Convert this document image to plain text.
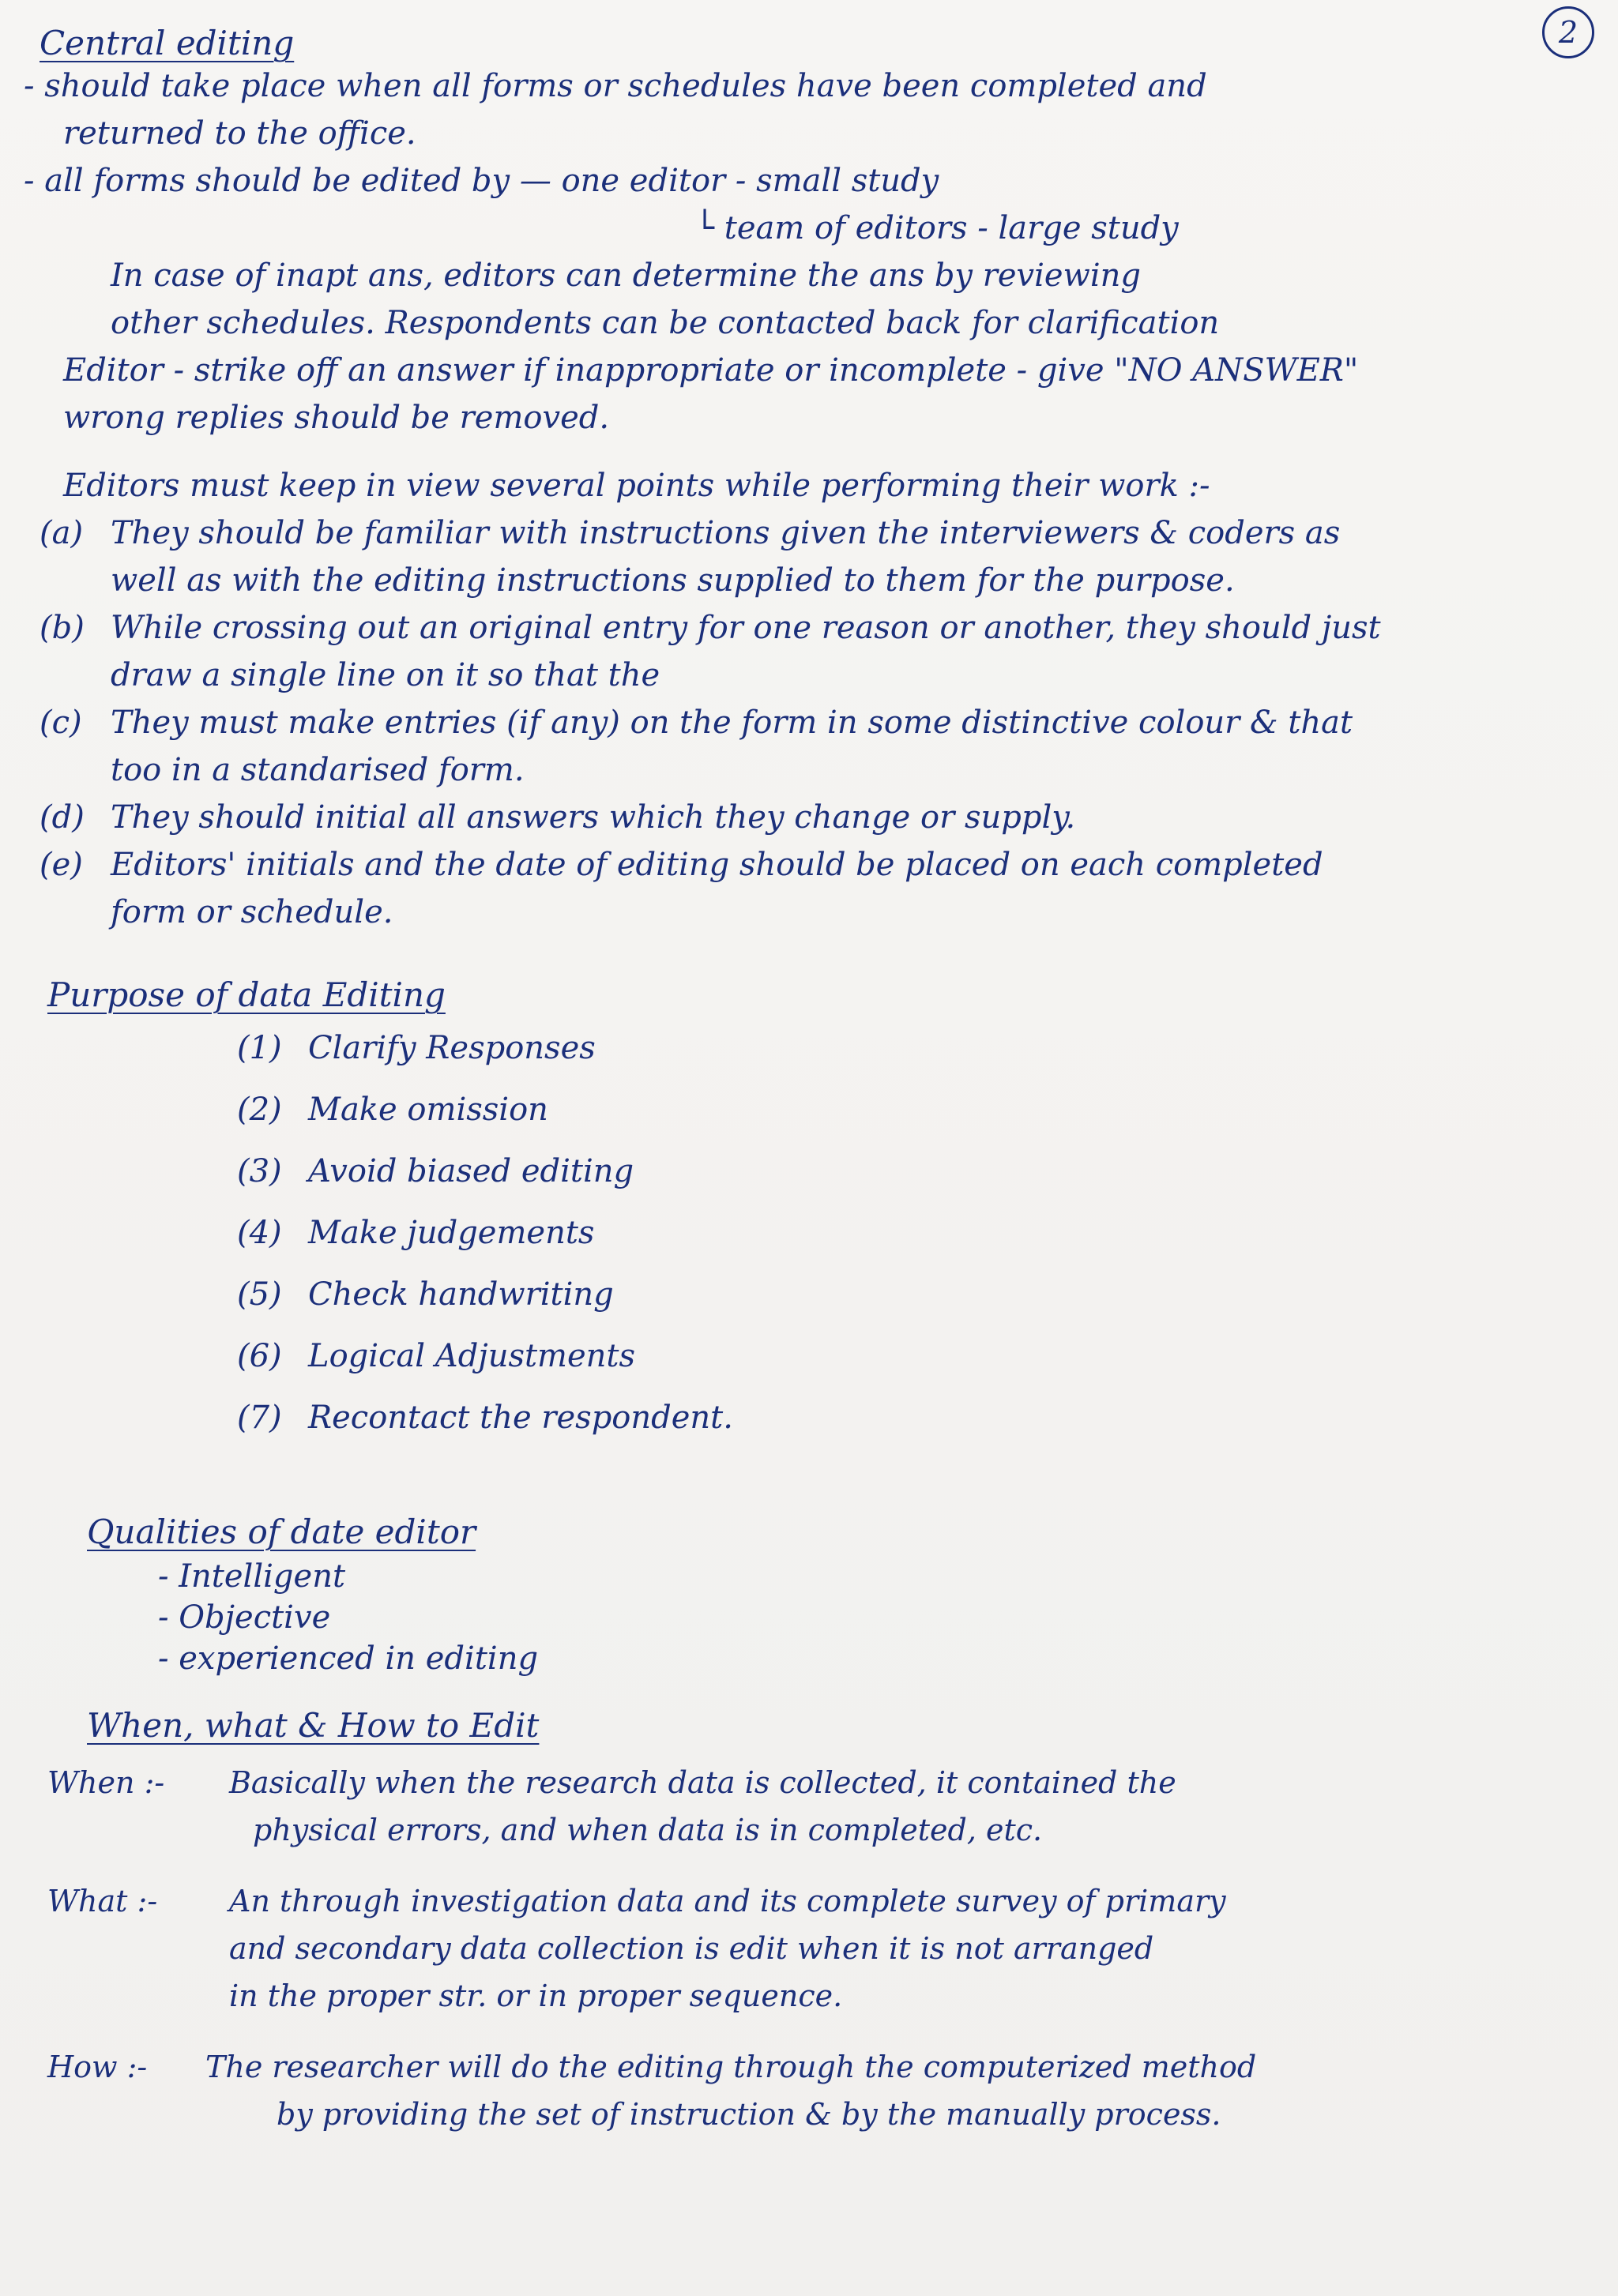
2
Central editing
- should take place when all forms or schedules have been completed and
returned to the office.
- all forms should be edited by — one editor - small study
└ team of editors - large study
In case of inapt ans, editors can determine the ans by reviewing
other schedules. Respondents can be contacted back for clarification
Editor - strike off an answer if inappropriate or incomplete - give "NO ANSWER"
wrong replies should be removed.
Editors must keep in view several points while performing their work :-
(a) They should be familiar with instructions given the interviewers & coders as
well as with the editing instructions supplied to them for the purpose.
(b) While crossing out an original entry for one reason or another, they should just
draw a single line on it so that the
(c) They must make entries (if any) on the form in some distinctive colour & that
too in a standarised form.
(d) They should initial all answers which they change or supply.
(e) Editors' initials and the date of editing should be placed on each completed
form or schedule.
Purpose of data Editing
(1) Clarify Responses
(2) Make omission
(3) Avoid biased editing
(4) Make judgements
(5) Check handwriting
(6) Logical Adjustments
(7) Recontact the respondent.
Qualities of date editor
- Intelligent
- Objective
- experienced in editing
When, what & How to Edit
When :- Basically when the research data is collected, it contained the
physical errors, and when data is in completed, etc.
What :- An through investigation data and its complete survey of primary
and secondary data collection is edit when it is not arranged
in the proper str. or in proper sequence.
How :- The researcher will do the editing through the computerized method
by providing the set of instruction & by the manually process.
